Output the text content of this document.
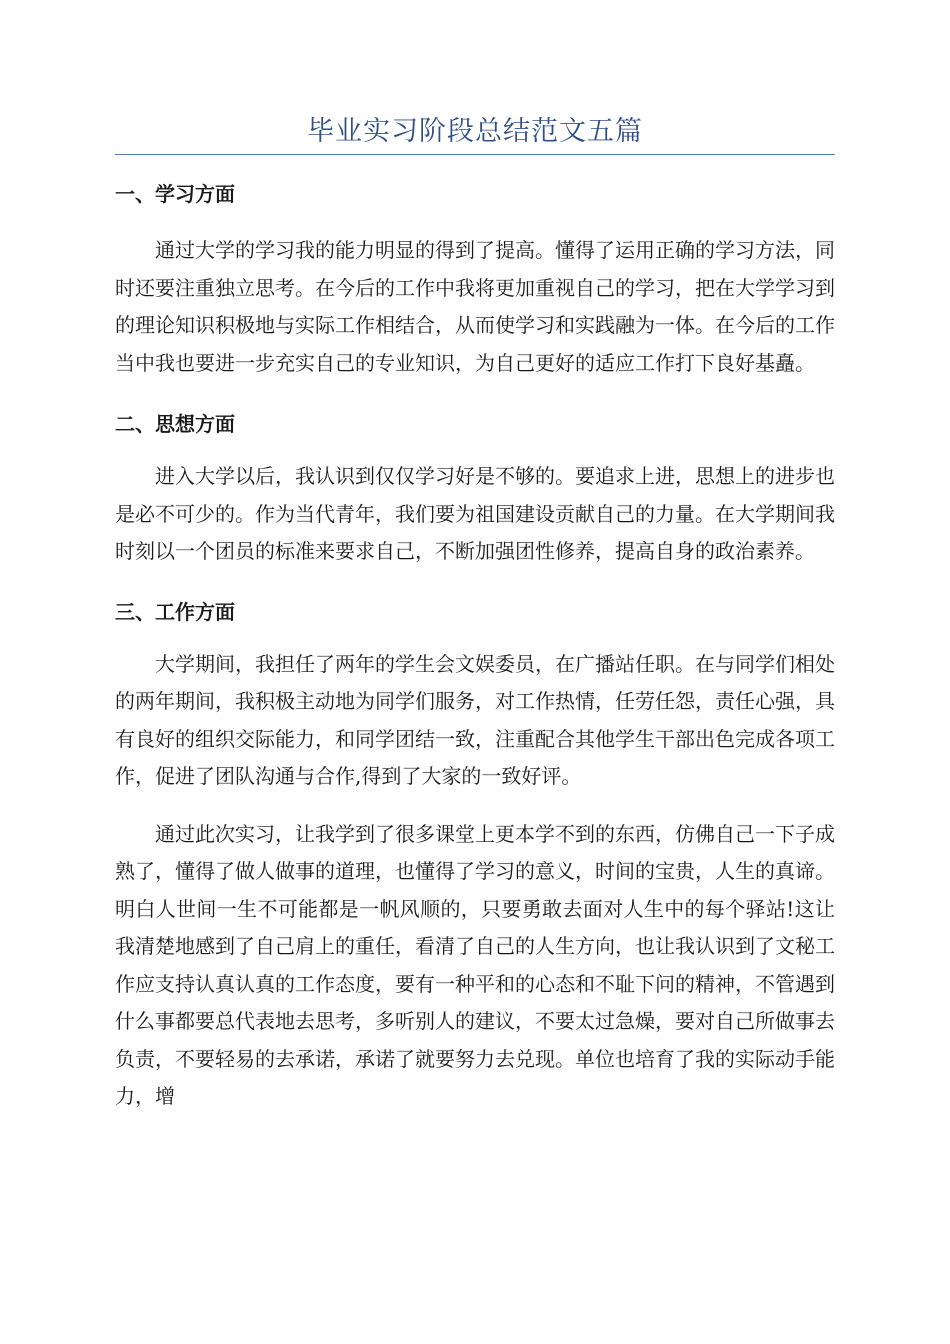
毕业实习阶段总结范文五篇
一、学习方面

通过大学的学习我的能力明显的得到了提高。懂得了运用正确的学习方法，同时还要注重独立思考。在今后的工作中我将更加重视自己的学习，把在大学学习到的理论知识积极地与实际工作相结合，从而使学习和实践融为一体。在今后的工作当中我也要进一步充实自己的专业知识，为自己更好的适应工作打下良好基矗。

二、思想方面

进入大学以后，我认识到仅仅学习好是不够的。要追求上进，思想上的进步也是必不可少的。作为当代青年，我们要为祖国建设贡献自己的力量。在大学期间我时刻以一个团员的标准来要求自己，不断加强团性修养，提高自身的政治素养。

三、工作方面

大学期间，我担任了两年的学生会文娱委员，在广播站任职。在与同学们相处的两年期间，我积极主动地为同学们服务，对工作热情，任劳任怨，责任心强，具有良好的组织交际能力，和同学团结一致，注重配合其他学生干部出色完成各项工作，促进了团队沟通与合作,得到了大家的一致好评。

通过此次实习，让我学到了很多课堂上更本学不到的东西，仿佛自己一下子成熟了，懂得了做人做事的道理，也懂得了学习的意义，时间的宝贵，人生的真谛。明白人世间一生不可能都是一帆风顺的，只要勇敢去面对人生中的每个驿站!这让我清楚地感到了自己肩上的重任，看清了自己的人生方向，也让我认识到了文秘工作应支持认真认真的工作态度，要有一种平和的心态和不耻下问的精神，不管遇到什么事都要总代表地去思考，多听别人的建议，不要太过急燥，要对自己所做事去负责，不要轻易的去承诺，承诺了就要努力去兑现。单位也培育了我的实际动手能力，增
